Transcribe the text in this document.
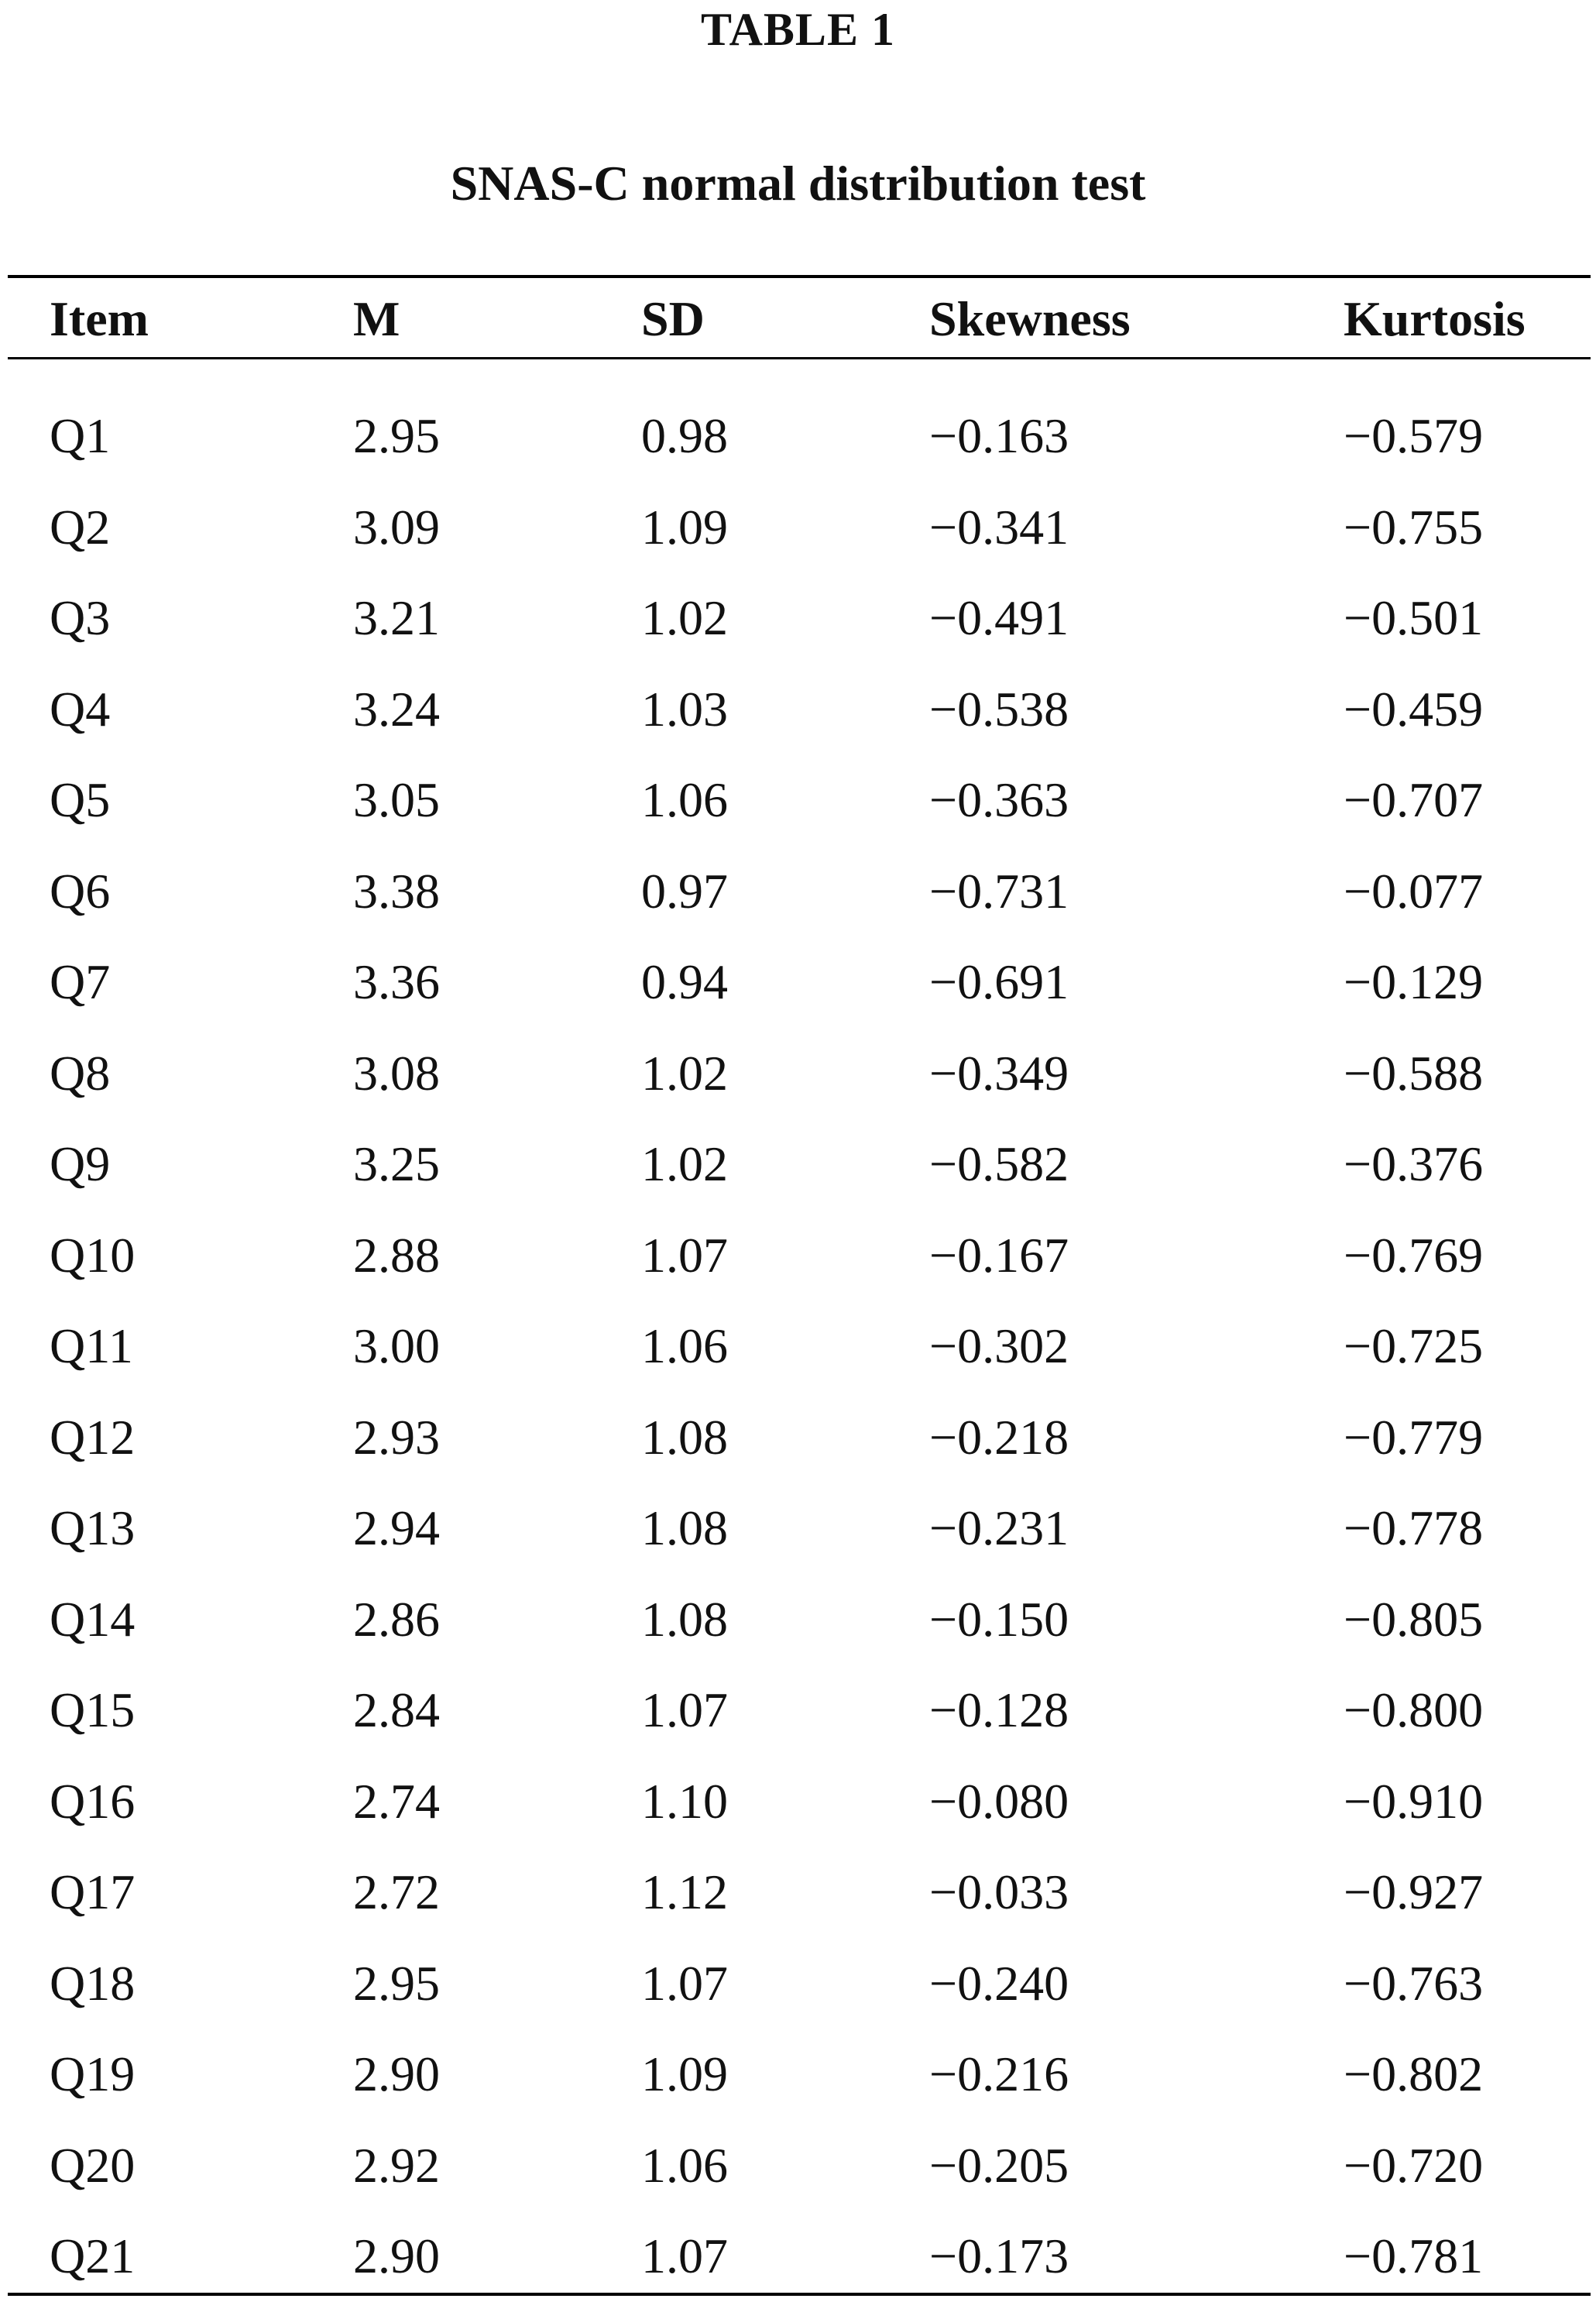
TABLE 1
SNAS-C normal distribution test
Item	M	SD	Skewness	Kurtosis
Q1	2.95	0.98	−0.163	−0.579
Q2	3.09	1.09	−0.341	−0.755
Q3	3.21	1.02	−0.491	−0.501
Q4	3.24	1.03	−0.538	−0.459
Q5	3.05	1.06	−0.363	−0.707
Q6	3.38	0.97	−0.731	−0.077
Q7	3.36	0.94	−0.691	−0.129
Q8	3.08	1.02	−0.349	−0.588
Q9	3.25	1.02	−0.582	−0.376
Q10	2.88	1.07	−0.167	−0.769
Q11	3.00	1.06	−0.302	−0.725
Q12	2.93	1.08	−0.218	−0.779
Q13	2.94	1.08	−0.231	−0.778
Q14	2.86	1.08	−0.150	−0.805
Q15	2.84	1.07	−0.128	−0.800
Q16	2.74	1.10	−0.080	−0.910
Q17	2.72	1.12	−0.033	−0.927
Q18	2.95	1.07	−0.240	−0.763
Q19	2.90	1.09	−0.216	−0.802
Q20	2.92	1.06	−0.205	−0.720
Q21	2.90	1.07	−0.173	−0.781
